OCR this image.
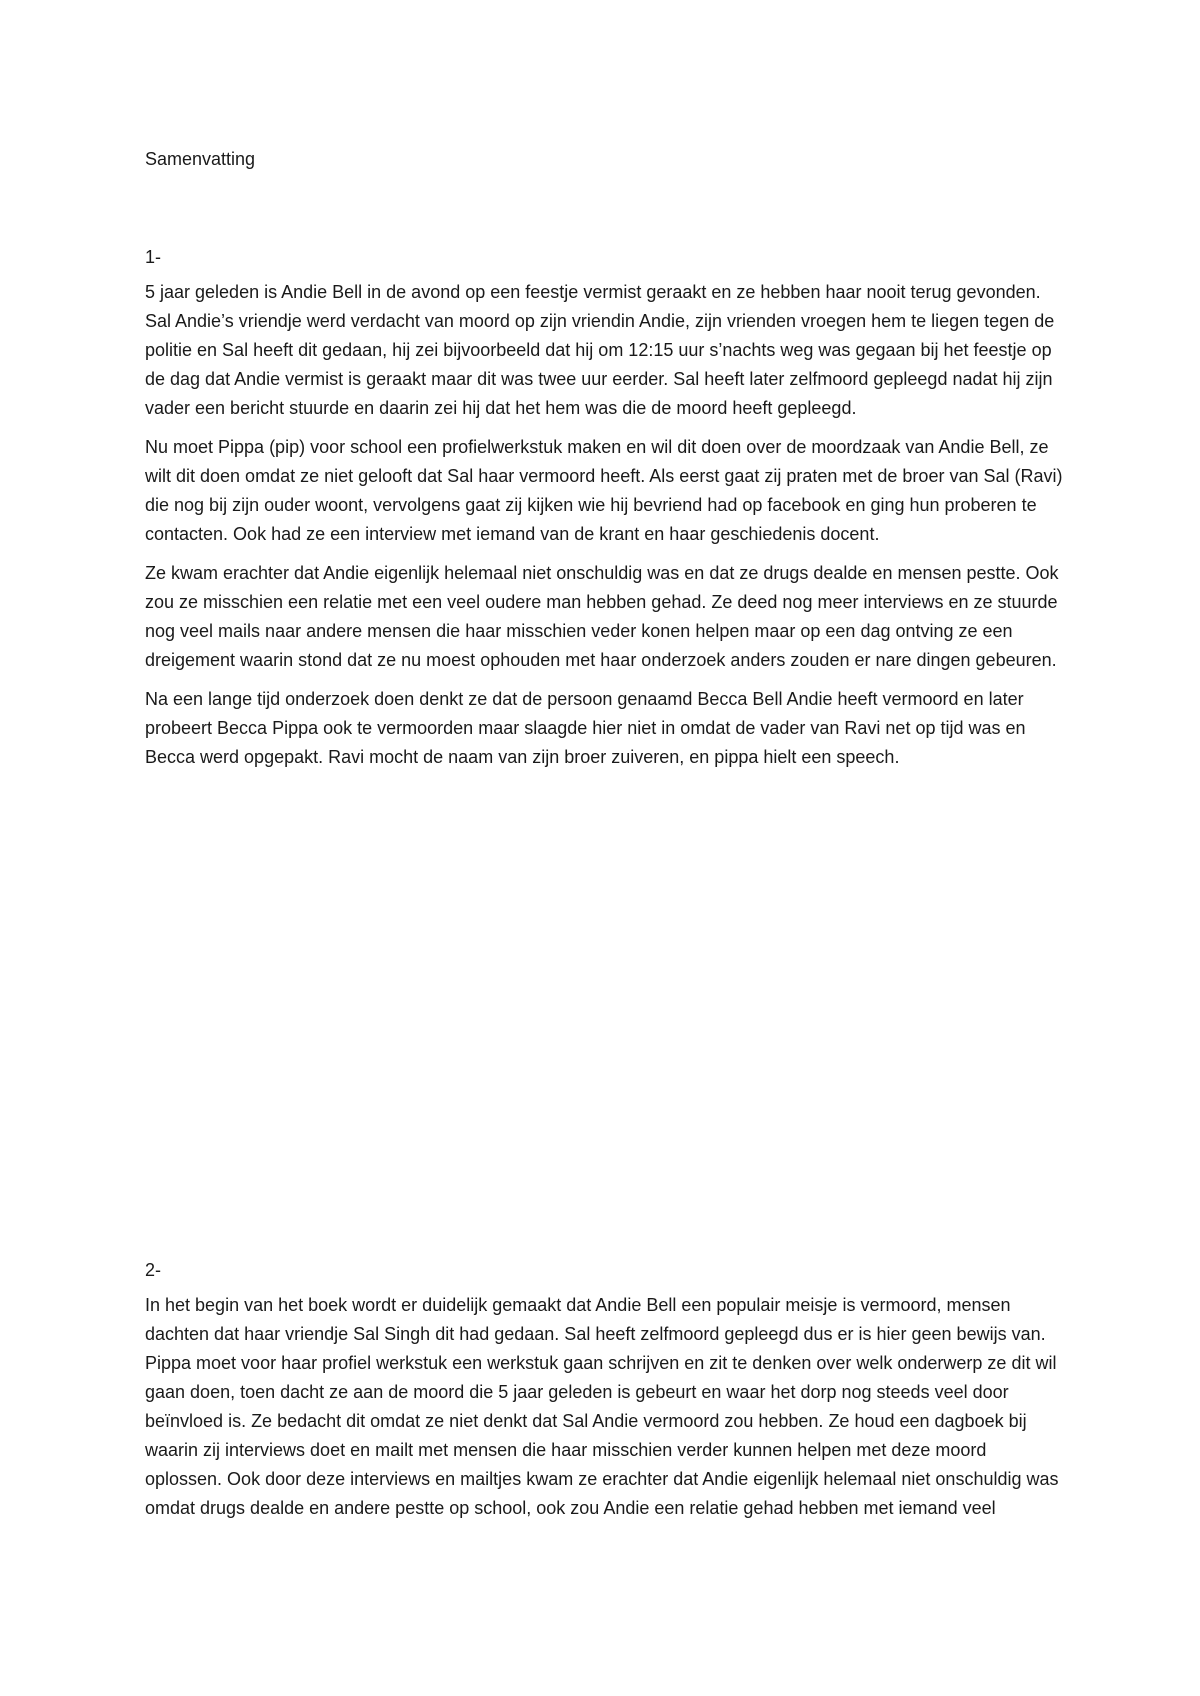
Samenvatting
1-

5 jaar geleden is Andie Bell in de avond op een feestje vermist geraakt en ze hebben haar nooit terug gevonden. Sal Andie’s vriendje werd verdacht van moord op zijn vriendin Andie, zijn vrienden vroegen hem te liegen tegen de politie en Sal heeft dit gedaan, hij zei bijvoorbeeld dat hij om 12:15 uur s’nachts weg was gegaan bij het feestje op de dag dat Andie vermist is geraakt maar dit was twee uur eerder. Sal heeft later zelfmoord gepleegd nadat hij zijn vader een bericht stuurde en daarin zei hij dat het hem was die de moord heeft gepleegd.

Nu moet Pippa (pip) voor school een profielwerkstuk maken en wil dit doen over de moordzaak van Andie Bell, ze wilt dit doen omdat ze niet gelooft dat Sal haar vermoord heeft. Als eerst gaat zij praten met de broer van Sal (Ravi) die nog bij zijn ouder woont, vervolgens gaat zij kijken wie hij bevriend had op facebook en ging hun proberen te contacten. Ook had ze een interview met iemand van de krant en haar geschiedenis docent.

Ze kwam erachter dat Andie eigenlijk helemaal niet onschuldig was en dat ze drugs dealde en mensen pestte. Ook zou ze misschien een relatie met een veel oudere man hebben gehad. Ze deed nog meer interviews en ze stuurde nog veel mails naar andere mensen die haar misschien veder konen helpen maar op een dag ontving ze een dreigement waarin stond dat ze nu moest ophouden met haar onderzoek anders zouden er nare dingen gebeuren.

Na een lange tijd onderzoek doen denkt ze dat de persoon genaamd Becca Bell Andie heeft vermoord en later probeert Becca Pippa ook te vermoorden maar slaagde hier niet in omdat de vader van Ravi net op tijd was en Becca werd opgepakt. Ravi mocht de naam van zijn broer zuiveren, en pippa hielt een speech.

2-

In het begin van het boek wordt er duidelijk gemaakt dat Andie Bell een populair meisje is vermoord, mensen dachten dat haar vriendje Sal Singh dit had gedaan. Sal heeft zelfmoord gepleegd dus er is hier geen bewijs van. Pippa moet voor haar profiel werkstuk een werkstuk gaan schrijven en zit te denken over welk onderwerp ze dit wil gaan doen, toen dacht ze aan de moord die 5 jaar geleden is gebeurt en waar het dorp nog steeds veel door beïnvloed is. Ze bedacht dit omdat ze niet denkt dat Sal Andie vermoord zou hebben. Ze houd een dagboek bij waarin zij interviews doet en mailt met mensen die haar misschien verder kunnen helpen met deze moord oplossen. Ook door deze interviews en mailtjes kwam ze erachter dat Andie eigenlijk helemaal niet onschuldig was omdat drugs dealde en andere pestte op school, ook zou Andie een relatie gehad hebben met iemand veel
